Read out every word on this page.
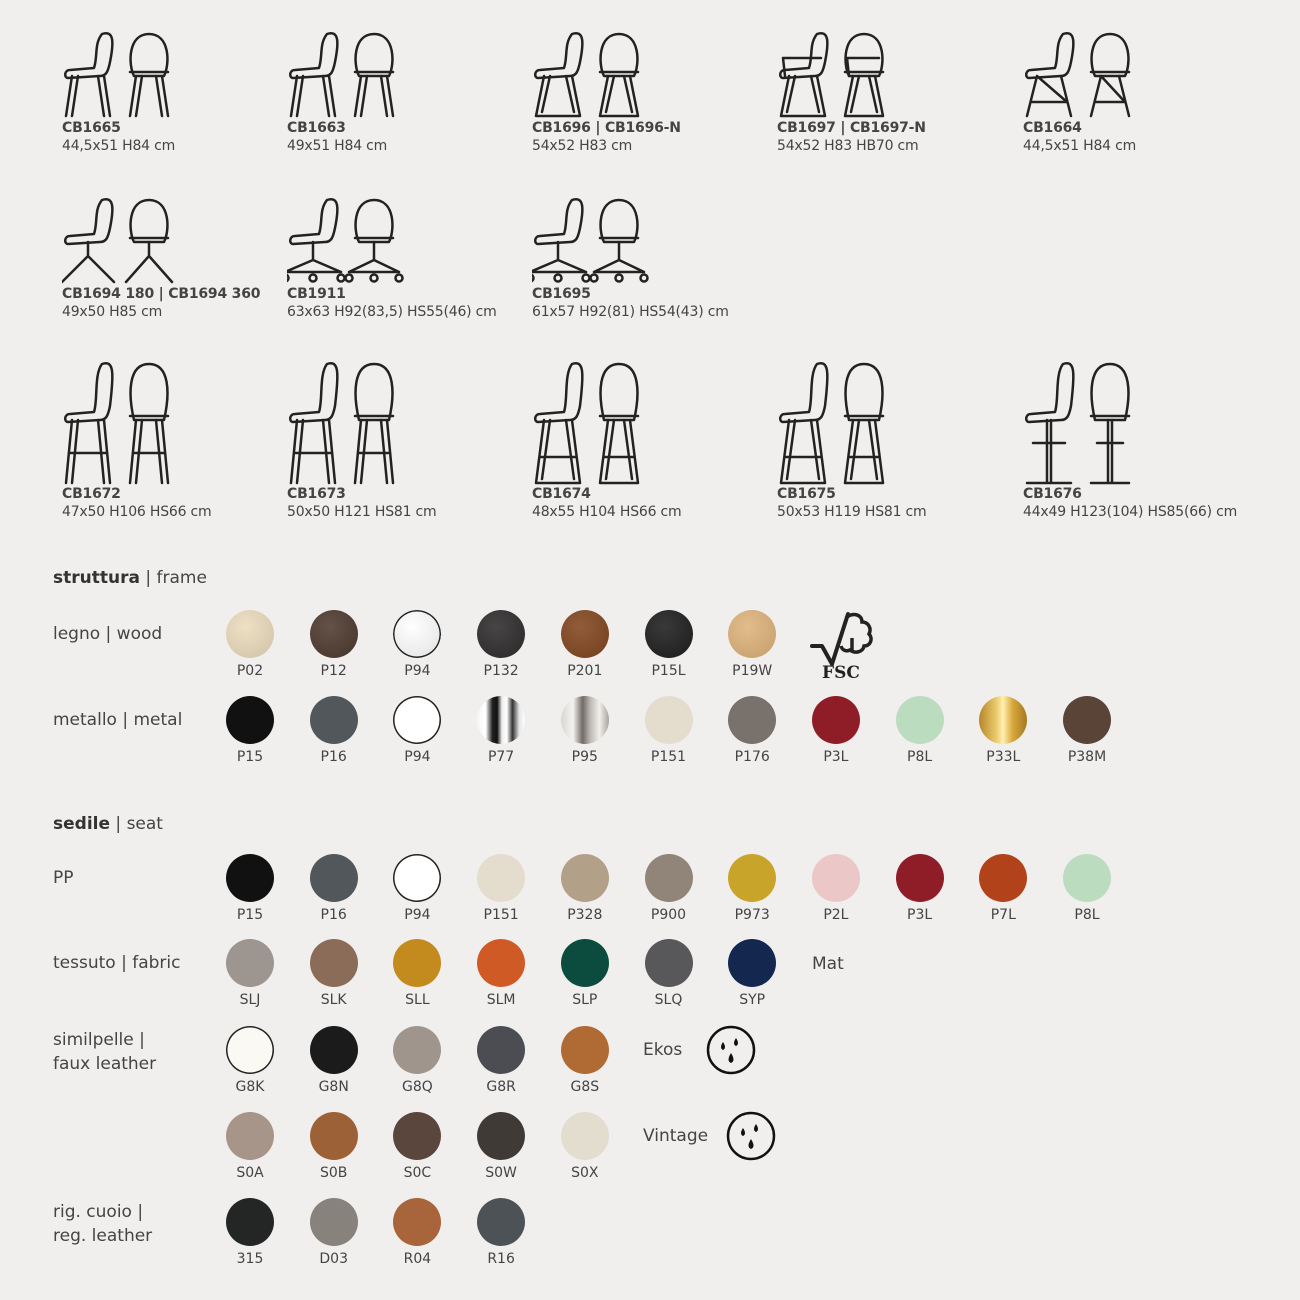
CB1665
44,5x51 H84 cm
CB1663
49x51 H84 cm
CB1696 | CB1696-N
54x52 H83 cm
CB1697 | CB1697-N
54x52 H83 HB70 cm
CB1664
44,5x51 H84 cm
CB1694 180 | CB1694 360
49x50 H85 cm
CB1911
63x63 H92(83,5) HS55(46) cm
CB1695
61x57 H92(81) HS54(43) cm
CB1672
47x50 H106 HS66 cm
CB1673
50x50 H121 HS81 cm
CB1674
48x55 H104 HS66 cm
CB1675
50x53 H119 HS81 cm
CB1676
44x49 H123(104) HS85(66) cm
struttura | frame
legno | wood
P02	P12	P94	P132	P201	P15L	P19W	FSC
metallo | metal
P15	P16	P94	P77	P95	P151	P176	P3L	P8L	P33L	P38M
sedile | seat
PP
P15	P16	P94	P151	P328	P900	P973	P2L	P3L	P7L	P8L
tessuto | fabric
SLJ	SLK	SLL	SLM	SLP	SLQ	SYP
Mat
similpelle |
faux leather
G8K	G8N	G8Q	G8R	G8S
Ekos
S0A	S0B	S0C	S0W	S0X
Vintage
rig. cuoio |
reg. leather
315	D03	R04	R16
